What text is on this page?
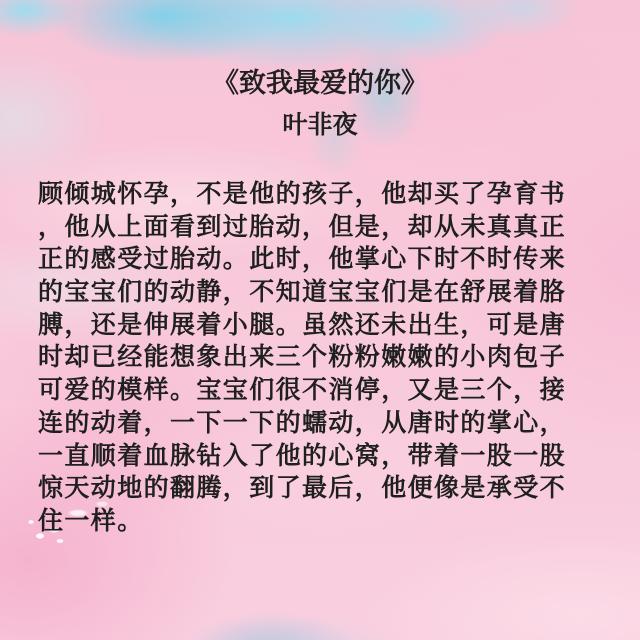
《致我最爱的你》
叶非夜
顾倾城怀孕，不是他的孩子，他却买了孕育书
，他从上面看到过胎动，但是，却从未真真正
正的感受过胎动。此时，他掌心下时不时传来
的宝宝们的动静，不知道宝宝们是在舒展着胳
膊，还是伸展着小腿。虽然还未出生，可是唐
时却已经能想象出来三个粉粉嫩嫩的小肉包子
可爱的模样。宝宝们很不消停，又是三个，接
连的动着，一下一下的蠕动，从唐时的掌心，
一直顺着血脉钻入了他的心窝，带着一股一股
惊天动地的翻腾，到了最后，他便像是承受不
住一样。
